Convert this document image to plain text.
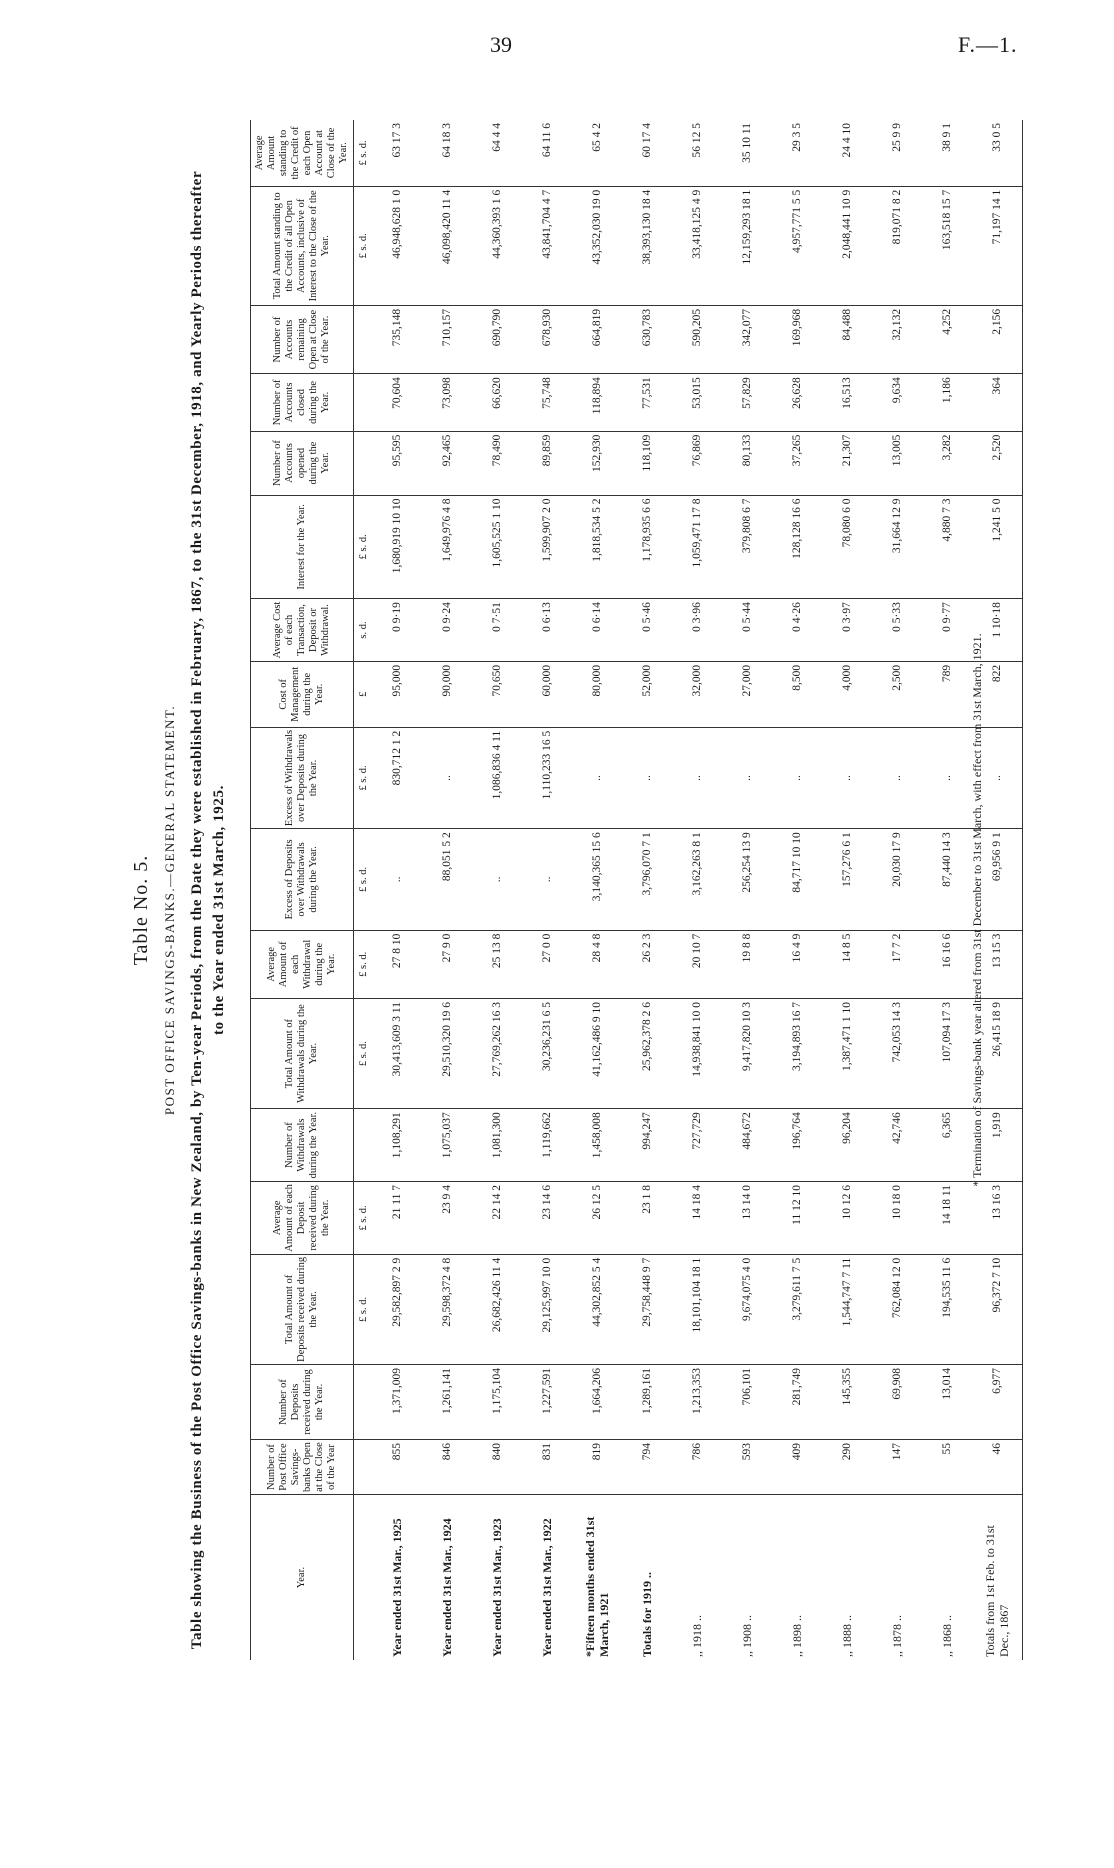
39	F.—1.
Table No. 5. POST OFFICE SAVINGS-BANKS.—GENERAL STATEMENT. Table showing the Business of the Post Office Savings-banks in New Zealand, by Ten-year Periods, from the Date they were established in February, 1867, to the 31st December, 1918, and Yearly Periods thereafter to the Year ended 31st March, 1925.
Year.	Number of Post Office Savings-banks Open at the Close of the Year	Number of Deposits received during the Year.	Total Amount of Deposits received during the Year.	Average Amount of each Deposit received during the Year.	Number of Withdrawals during the Year.	Total Amount of Withdrawals during the Year.	Average Amount of each Withdrawal during the Year.	Excess of Deposits over Withdrawals during the Year.	Excess of Withdrawals over Deposits during the Year.	Cost of Management during the Year.	Average Cost of each Transaction, Deposit or Withdrawal.	Interest for the Year.	Number of Accounts opened during the Year.	Number of Accounts closed during the Year.	Number of Accounts remaining Open at Close of the Year.	Total Amount standing to the Credit of all Open Accounts, inclusive of Interest to the Close of the Year.	Average Amount standing to the Credit of each Open Account at Close of the Year.
			£ s. d.	£ s. d.		£ s. d.	£ s. d.	£ s. d.	£ s. d.	£	s. d.	£ s. d.				£ s. d.	£ s. d.
Year ended 31st Mar., 1925	855	1,371,009	29,582,897 2 9	21 11 7	1,108,291	30,413,609 3 11	27 8 10	..	830,712 1 2	95,000	0 9·19	1,680,919 10 10	95,595	70,604	735,148	46,948,628 1 0	63 17 3
Year ended 31st Mar., 1924	846	1,261,141	29,598,372 4 8	23 9 4	1,075,037	29,510,320 19 6	27 9 0	88,051 5 2	..	90,000	0 9·24	1,649,976 4 8	92,465	73,098	710,157	46,098,420 11 4	64 18 3
Year ended 31st Mar., 1923	840	1,175,104	26,682,426 11 4	22 14 2	1,081,300	27,769,262 16 3	25 13 8	..	1,086,836 4 11	70,650	0 7·51	1,605,525 1 10	78,490	66,620	690,790	44,360,393 1 6	64 4 4
Year ended 31st Mar., 1922	831	1,227,591	29,125,997 10 0	23 14 6	1,119,662	30,236,231 6 5	27 0 0	..	1,110,233 16 5	60,000	0 6·13	1,599,907 2 0	89,859	75,748	678,930	43,841,704 4 7	64 11 6
*Fifteen months ended 31st March, 1921	819	1,664,206	44,302,852 5 4	26 12 5	1,458,008	41,162,486 9 10	28 4 8	3,140,365 15 6	..	80,000	0 6·14	1,818,534 5 2	152,930	118,894	664,819	43,352,030 19 0	65 4 2
Totals for 1919 ..	794	1,289,161	29,758,448 9 7	23 1 8	994,247	25,962,378 2 6	26 2 3	3,796,070 7 1	..	52,000	0 5·46	1,178,935 6 6	118,109	77,531	630,783	38,393,130 18 4	60 17 4
,, 1918 ..	786	1,213,353	18,101,104 18 1	14 18 4	727,729	14,938,841 10 0	20 10 7	3,162,263 8 1	..	32,000	0 3·96	1,059,471 17 8	76,869	53,015	590,205	33,418,125 4 9	56 12 5
,, 1908 ..	593	706,101	9,674,075 4 0	13 14 0	484,672	9,417,820 10 3	19 8 8	256,254 13 9	..	27,000	0 5·44	379,808 6 7	80,133	57,829	342,077	12,159,293 18 1	35 10 11
,, 1898 ..	409	281,749	3,279,611 7 5	11 12 10	196,764	3,194,893 16 7	16 4 9	84,717 10 10	..	8,500	0 4·26	128,128 16 6	37,265	26,628	169,968	4,957,771 5 5	29 3 5
,, 1888 ..	290	145,355	1,544,747 7 11	10 12 6	96,204	1,387,471 1 10	14 8 5	157,276 6 1	..	4,000	0 3·97	78,080 6 0	21,307	16,513	84,488	2,048,441 10 9	24 4 10
,, 1878 ..	147	69,908	762,084 12 0	10 18 0	42,746	742,053 14 3	17 7 2	20,030 17 9	..	2,500	0 5·33	31,664 12 9	13,005	9,634	32,132	819,071 8 2	25 9 9
,, 1868 ..	55	13,014	194,535 11 6	14 18 11	6,365	107,094 17 3	16 16 6	87,440 14 3	..	789	0 9·77	4,880 7 3	3,282	1,186	4,252	163,518 15 7	38 9 1
Totals from 1st Feb. to 31st Dec., 1867	46	6,977	96,372 7 10	13 16 3	1,919	26,415 18 9	13 15 3	69,956 9 1	..	822	1 10·18	1,241 5 0	2,520	364	2,156	71,197 14 1	33 0 5
* Termination of Savings-bank year altered from 31st December to 31st March, with effect from 31st March, 1921.
